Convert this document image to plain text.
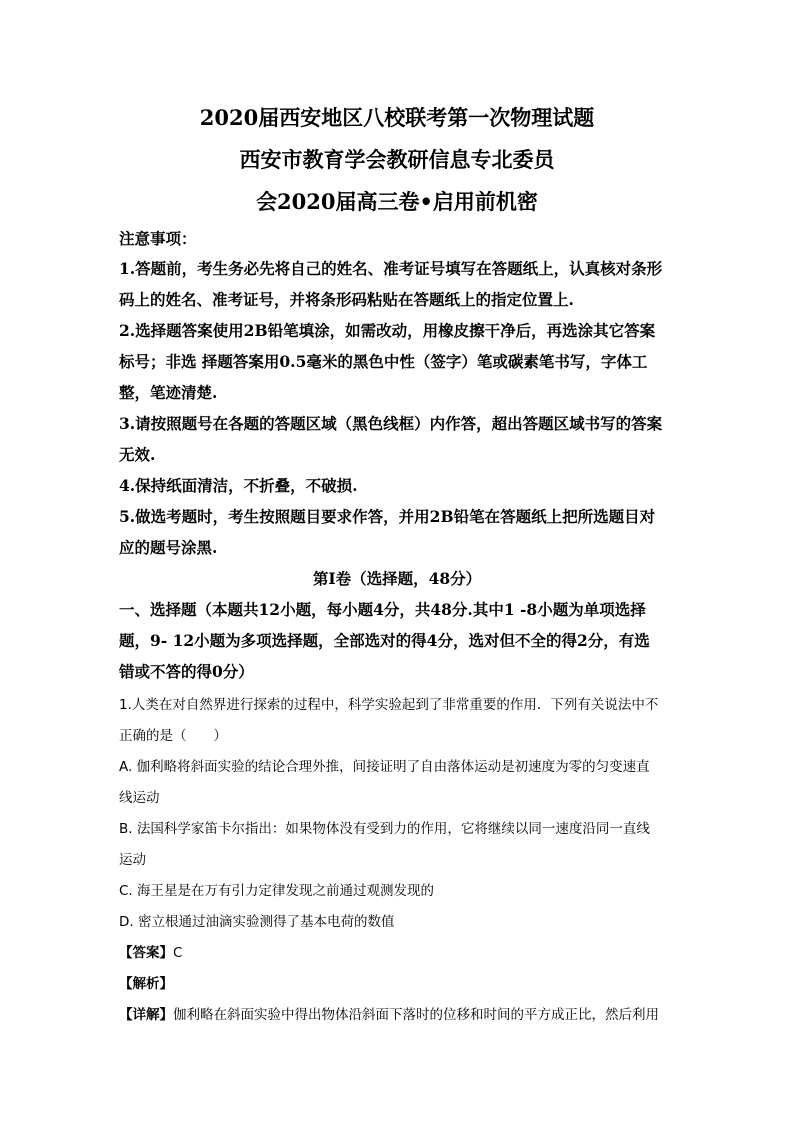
2020届西安地区八校联考第一次物理试题
西安市教育学会教研信息专北委员
会2020届高三卷•启用前机密
注意事项：
1.答题前，考生务必先将自己的姓名、准考证号填写在答题纸上，认真核对条形
码上的姓名、准考证号，并将条形码粘贴在答题纸上的指定位置上.
2.选择题答案使用2B铅笔填涂，如需改动，用橡皮擦干净后，再选涂其它答案
标号；非选 择题答案用0.5毫米的黑色中性（签字）笔或碳素笔书写，字体工
整，笔迹清楚.
3.请按照题号在各题的答题区域（黑色线框）内作答，超出答题区域书写的答案
无效.
4.保持纸面清洁，不折叠，不破损.
5.做选考题时，考生按照题目要求作答，并用2B铅笔在答题纸上把所选题目对
应的题号涂黑.
第Ⅰ卷（选择题，48分）
一、选择题（本题共12小题，每小题4分，共48分.其中1 -8小题为单项选择
题，9- 12小题为多项选择题，全部选对的得4分，选对但不全的得2分，有选
错或不答的得0分）
1.人类在对自然界进行探索的过程中，科学实验起到了非常重要的作用．下列有关说法中不
正确的是（　　）
A. 伽利略将斜面实验的结论合理外推，间接证明了自由落体运动是初速度为零的匀变速直
线运动
B. 法国科学家笛卡尔指出：如果物体没有受到力的作用，它将继续以同一速度沿同一直线
运动
C. 海王星是在万有引力定律发现之前通过观测发现的
D. 密立根通过油滴实验测得了基本电荷的数值
【答案】C
【解析】
【详解】伽利略在斜面实验中得出物体沿斜面下落时的位移和时间的平方成正比，然后利用
